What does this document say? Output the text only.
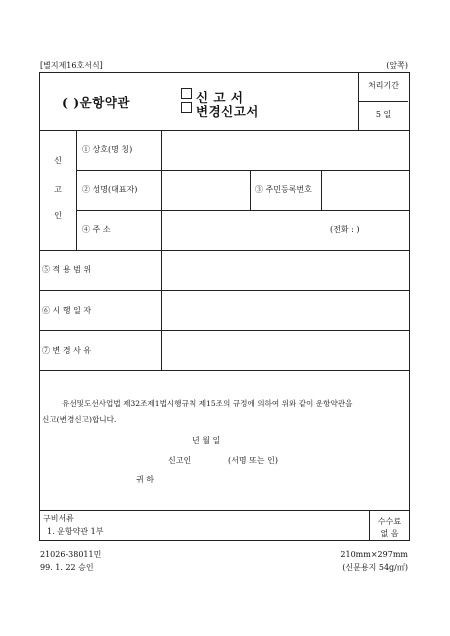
[별지제16호서식]	(앞쪽)
( )운항약관	신 고 서
변경신고서
처리기간
5 일
신
고
인
① 상호(명 칭)
② 성명(대표자)	③ 주민등록번호
④ 주 소	(전화 : )
⑤ 적 용 범 위
⑥ 시 행 일 자
⑦ 변 경 사 유
유선및도선사업법 제32조제1법시행규칙 제15조의 규정에 의하여 위와 같이 운항약관을
신고(변경신고)합니다.
년 월 일
신고인	(서명 또는 인)
귀 하
구비서류
1. 운항약관 1부
수수료
없 음
21026-38011민
99. 1. 22 승인
210mm×297mm
(신문용지 54g/㎡)
